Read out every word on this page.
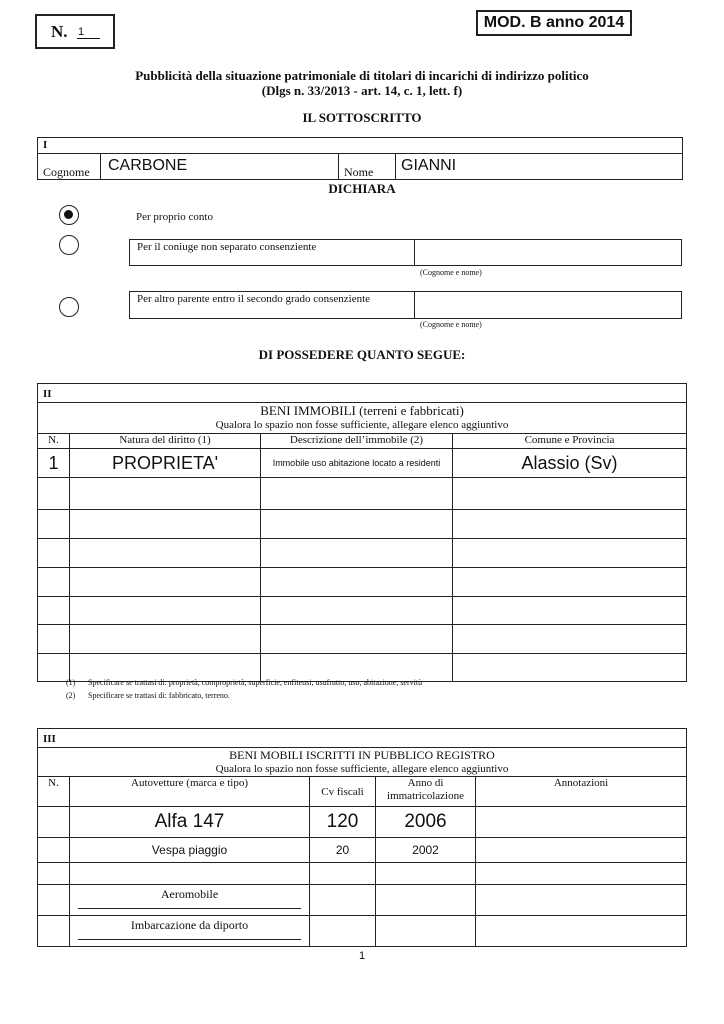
N. 1
MOD. B anno 2014
Pubblicità della situazione patrimoniale di titolari di incarichi di indirizzo politico
(Dlgs n. 33/2013 - art. 14, c. 1, lett. f)
IL SOTTOSCRITTO
I
Cognome CARBONE	Nome GIANNI
DICHIARA
Per proprio conto
Per il coniuge non separato consenziente
(Cognome e nome)
Per altro parente entro il secondo grado consenziente
(Cognome e nome)
DI POSSEDERE QUANTO SEGUE:
II			

BENI IMMOBILI (terreni e fabbricati)
Qualora lo spazio non fosse sufficiente, allegare elenco aggiuntivo			

N.	Natura del diritto (1)	Descrizione dell’immobile (2)	Comune e Provincia
1	PROPRIETA'	Immobile uso abitazione locato a residenti	Alassio (Sv)

(1) Specificare se trattasi di: proprietà, comproprietà, superficie, enfiteusi, usufrutto, uso, abitazione, servitù
(2) Specificare se trattasi di: fabbricato, terreno.
III				

BENI MOBILI ISCRITTI IN PUBBLICO REGISTRO
Qualora lo spazio non fosse sufficiente, allegare elenco aggiuntivo				

N.	Autovetture (marca e tipo)	Cv fiscali	Anno di
immatricolazione	Annotazioni
	Alfa 147	120	2006	
	Vespa piaggio	20	2002	

	Aeromobile			

	Imbarcazione da diporto			

1
